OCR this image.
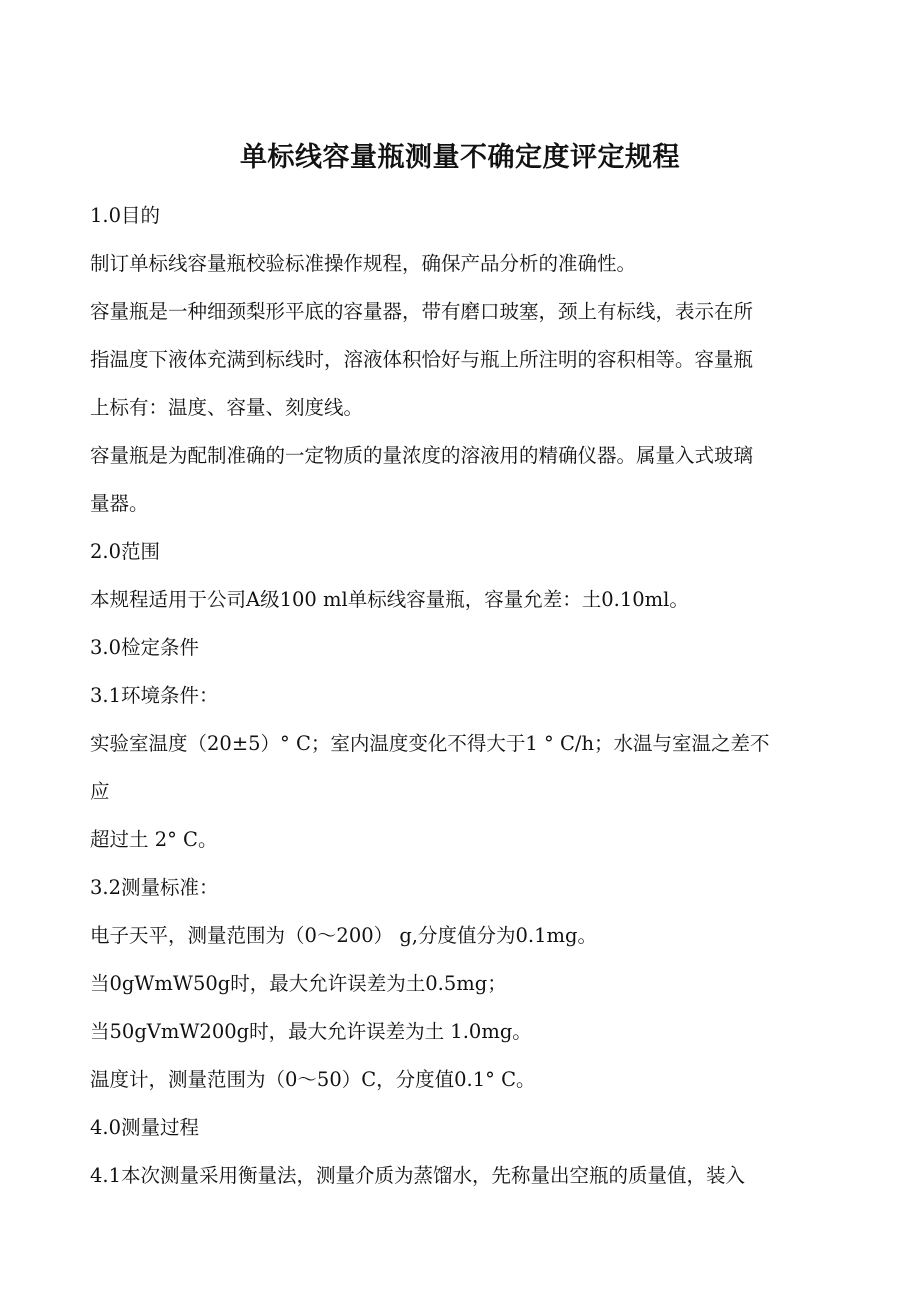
单标线容量瓶测量不确定度评定规程

1.0目的

制订单标线容量瓶校验标准操作规程，确保产品分析的准确性。

容量瓶是一种细颈梨形平底的容量器，带有磨口玻塞，颈上有标线，表示在所

指温度下液体充满到标线时，溶液体积恰好与瓶上所注明的容积相等。容量瓶

上标有：温度、容量、刻度线。

容量瓶是为配制准确的一定物质的量浓度的溶液用的精确仪器。属量入式玻璃

量器。

2.0范围

本规程适用于公司A级100 ml单标线容量瓶，容量允差：土0.10ml。

3.0检定条件

3.1环境条件：

实验室温度（20±5）° C；室内温度变化不得大于1 ° C/h；水温与室温之差不

应

超过土 2° C。

3.2测量标准：

电子天平，测量范围为（0〜200） g,分度值分为0.1mg。

当0gWmW50g时，最大允许误差为土0.5mg；

当50gVmW200g时，最大允许误差为土 1.0mg。

温度计，测量范围为（0〜50）C，分度值0.1° C。

4.0测量过程

4.1本次测量采用衡量法，测量介质为蒸馏水，先称量出空瓶的质量值，装入
